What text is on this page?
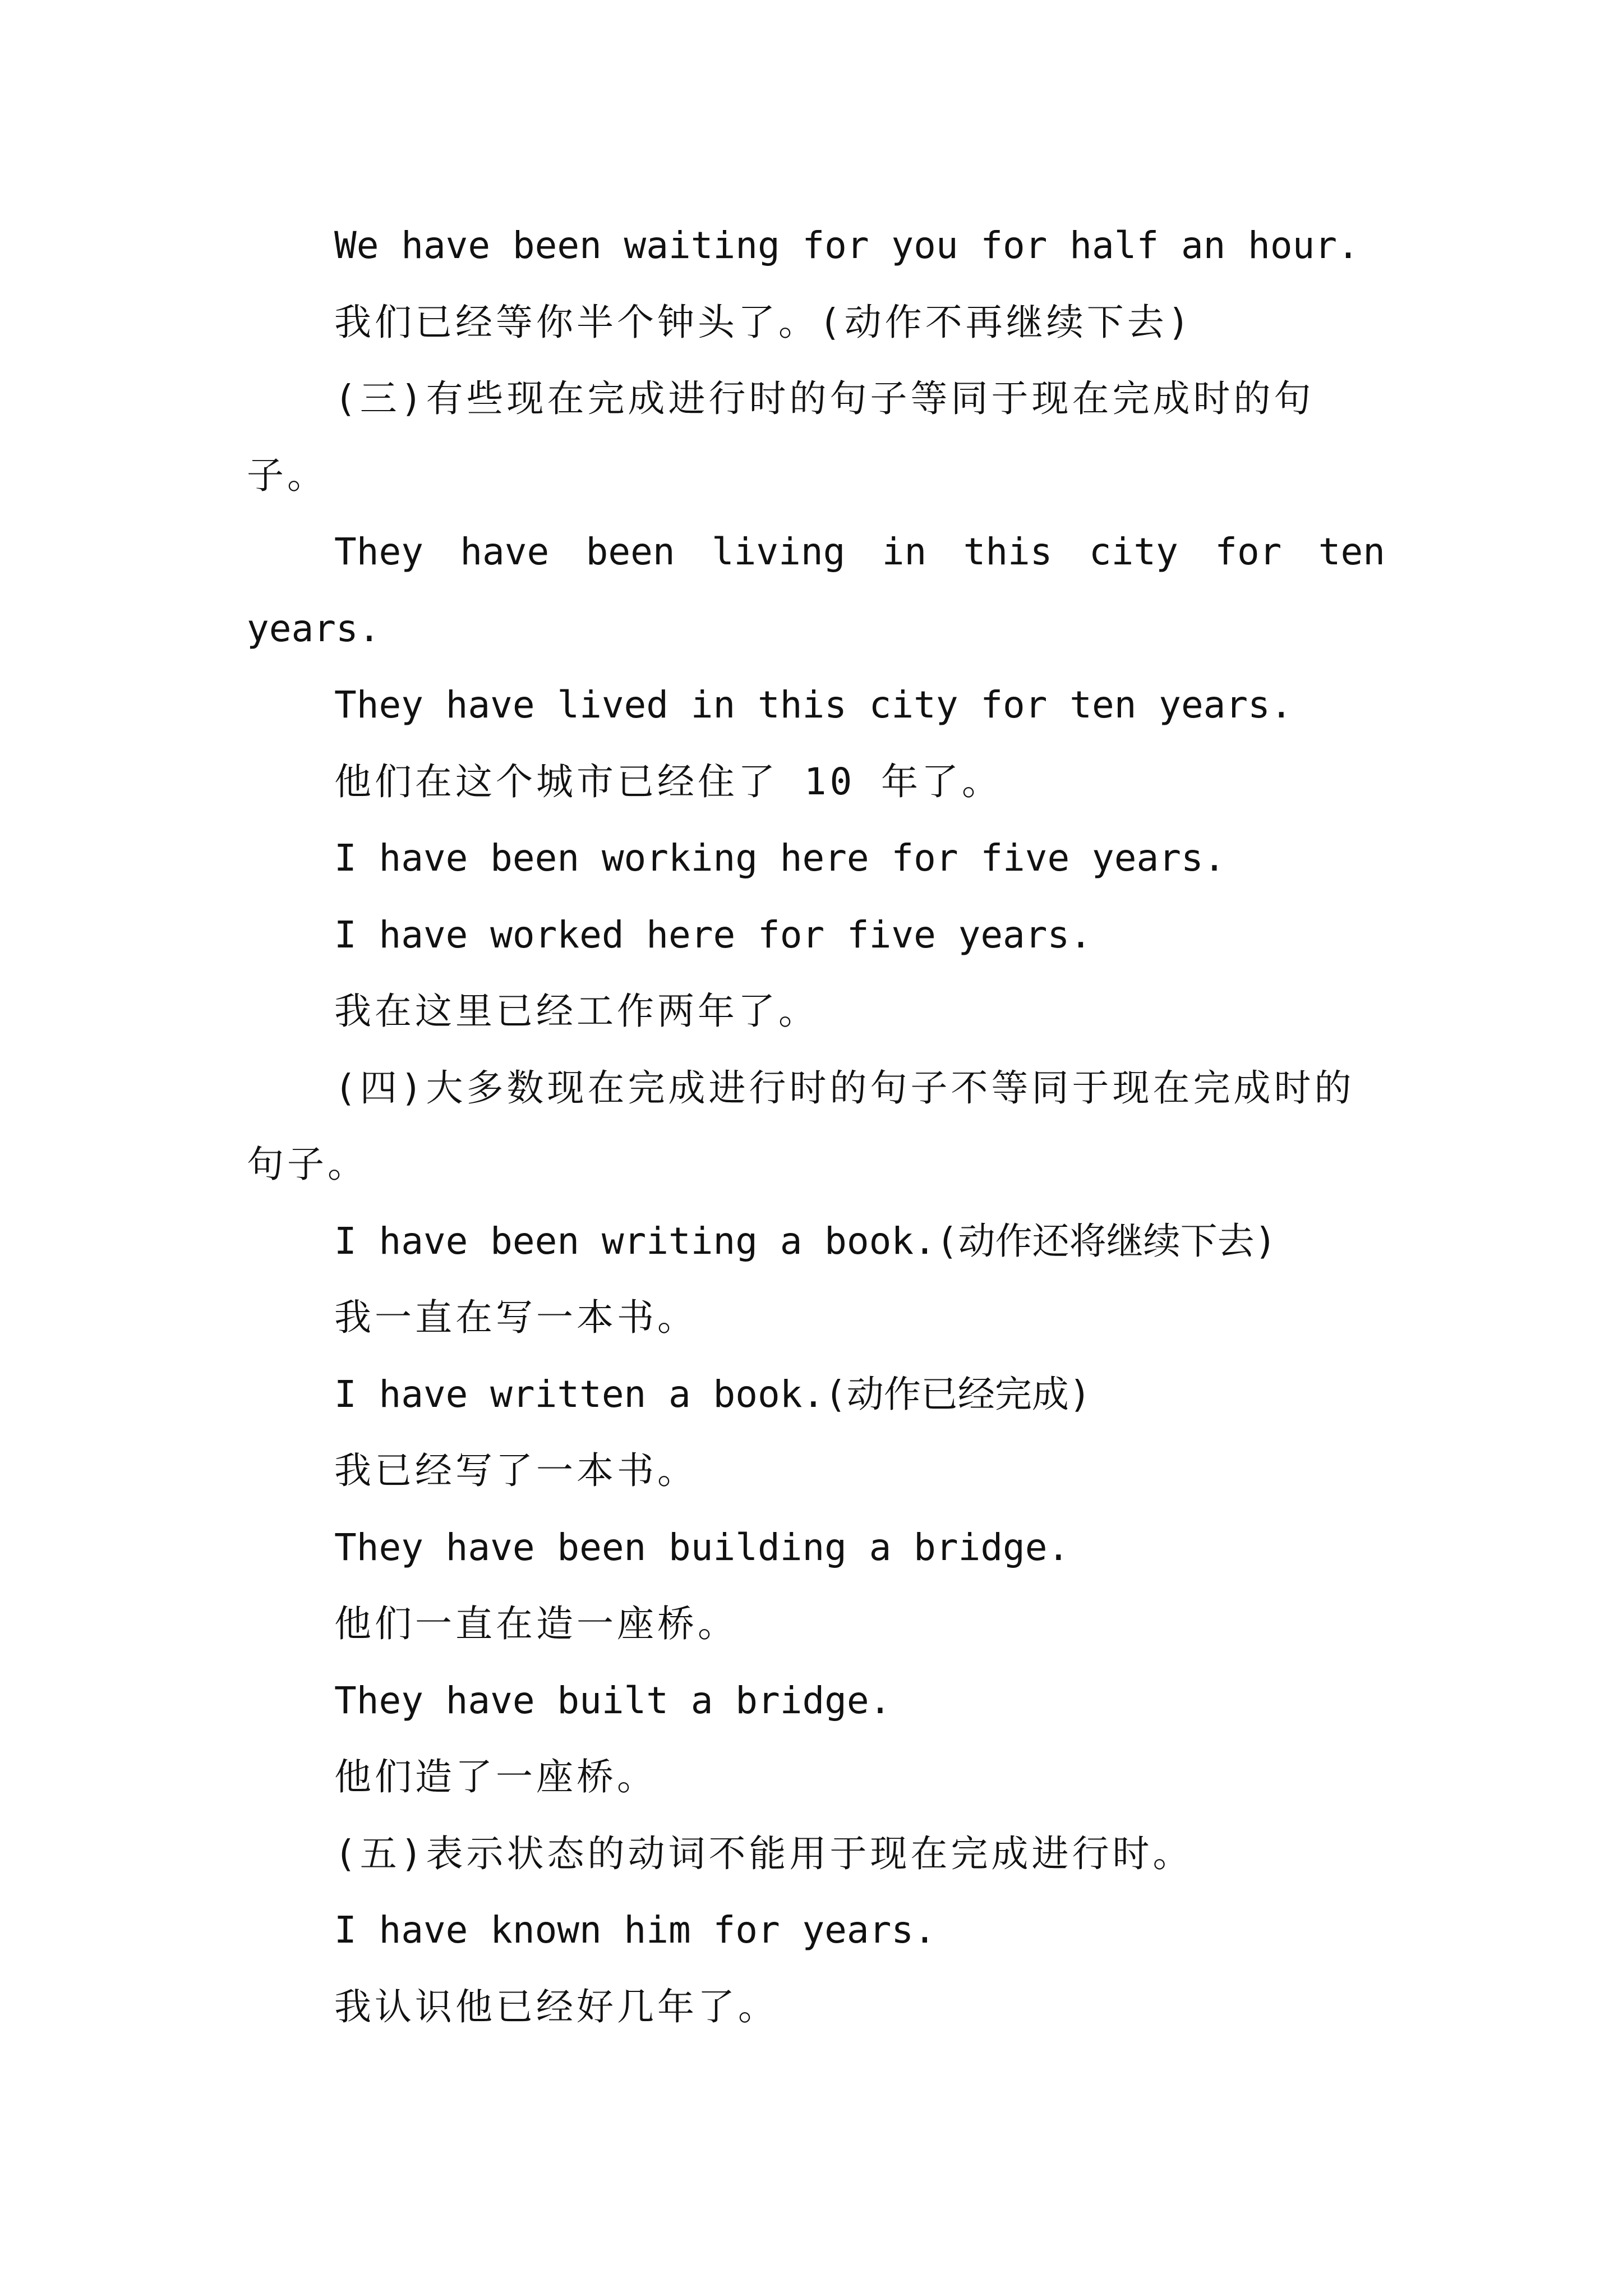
We have been waiting for you for half an hour.

我们已经等你半个钟头了。(动作不再继续下去)

(三)有些现在完成进行时的句子等同于现在完成时的句子。

They have been living in this city for ten years.

They have lived in this city for ten years.

他们在这个城市已经住了 10 年了。

I have been working here for five years.

I have worked here for five years.

我在这里已经工作两年了。

(四)大多数现在完成进行时的句子不等同于现在完成时的句子。

I have been writing a book.(动作还将继续下去)

我一直在写一本书。

I have written a book.(动作已经完成)

我已经写了一本书。

They have been building a bridge.

他们一直在造一座桥。

They have built a bridge.

他们造了一座桥。

(五)表示状态的动词不能用于现在完成进行时。

I have known him for years.

我认识他已经好几年了。
